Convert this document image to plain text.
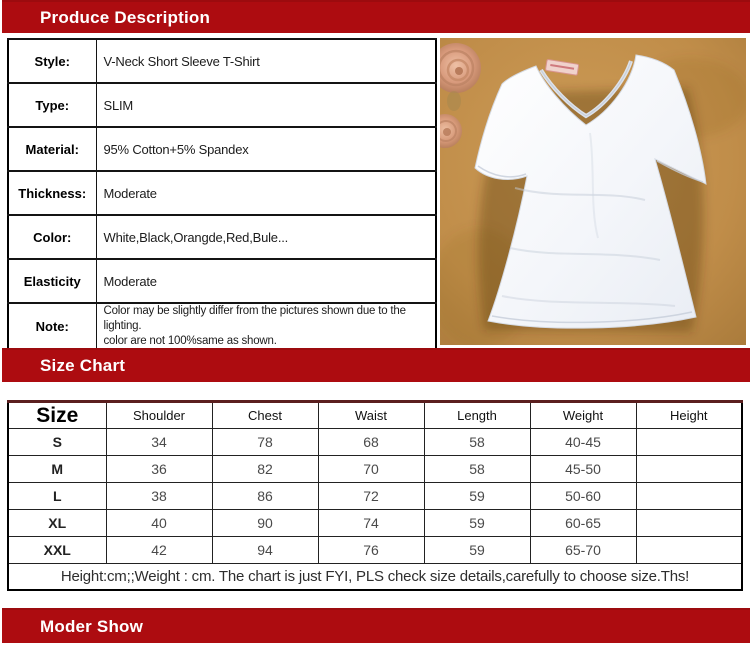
Produce Description
Style:	V-Neck Short Sleeve T-Shirt
Type:	SLIM
Material:	95% Cotton+5% Spandex
Thickness:	Moderate
Color:	White,Black,Orangde,Red,Bule...
Elasticity	Moderate
Note:	Color may be slightly differ from the pictures shown due to the lighting.
color are not 100%same as shown.
Size Chart
Size	Shoulder	Chest	Waist	Length	Weight	Height
S	34	78	68	58	40-45	
M	36	82	70	58	45-50	
L	38	86	72	59	50-60	
XL	40	90	74	59	60-65	
XXL	42	94	76	59	65-70	
Height:cm;;Weight : cm. The chart is just FYI, PLS check size details,carefully to choose size.Ths!						
Moder Show
